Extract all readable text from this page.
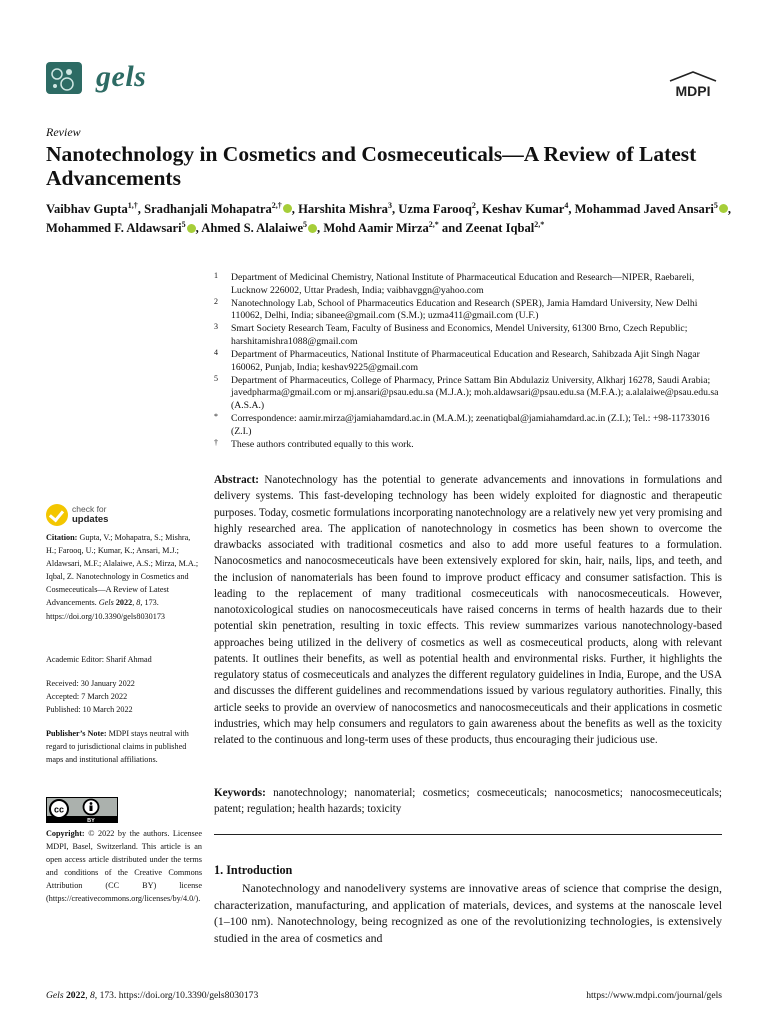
gels	MDPI
Review
Nanotechnology in Cosmetics and Cosmeceuticals—A Review of Latest Advancements
Vaibhav Gupta$^{1,\dagger}$, Sradhanjali Mohapatra$^{2,\dagger}$ , Harshita Mishra$^3$, Uzma Farooq$^2$, Keshav Kumar$^4$, Mohammad Javed Ansari$^5$ , Mohammed F. Aldawsari$^5$ , Ahmed S. Alalaiwe$^5$ , Mohd Aamir Mirza$^{2,*}$ and Zeenat Iqbal$^{2,*}$
1 Department of Medicinal Chemistry, National Institute of Pharmaceutical Education and Research—NIPER, Raebareli, Lucknow 226002, Uttar Pradesh, India; vaibhavggn@yahoo.com
2 Nanotechnology Lab, School of Pharmaceutics Education and Research (SPER), Jamia Hamdard University, New Delhi 110062, Delhi, India; sibanee@gmail.com (S.M.); uzma411@gmail.com (U.F.)
3 Smart Society Research Team, Faculty of Business and Economics, Mendel University, 61300 Brno, Czech Republic; harshitamishra1088@gmail.com
4 Department of Pharmaceutics, National Institute of Pharmaceutical Education and Research, Sahibzada Ajit Singh Nagar 160062, Punjab, India; keshav9225@gmail.com
5 Department of Pharmaceutics, College of Pharmacy, Prince Sattam Bin Abdulaziz University, Alkharj 16278, Saudi Arabia; javedpharma@gmail.com or mj.ansari@psau.edu.sa (M.J.A.); moh.aldawsari@psau.edu.sa (M.F.A.); a.alalaiwe@psau.edu.sa (A.S.A.)
* Correspondence: aamir.mirza@jamiahamdard.ac.in (M.A.M.); zeenatiqbal@jamiahamdard.ac.in (Z.I.); Tel.: +98-11733016 (Z.I.)
† These authors contributed equally to this work.
Abstract: Nanotechnology has the potential to generate advancements and innovations in formulations and delivery systems. This fast-developing technology has been widely exploited for diagnostic and therapeutic purposes. Today, cosmetic formulations incorporating nanotechnology are a relatively new yet very promising and highly researched area. The application of nanotechnology in cosmetics has been shown to overcome the drawbacks associated with traditional cosmetics and also to add more useful features to a formulation. Nanocosmetics and nanocosmeceuticals have been extensively explored for skin, hair, nails, lips, and teeth, and the inclusion of nanomaterials has been found to improve product efficacy and consumer satisfaction. This is leading to the replacement of many traditional cosmeceuticals with nanocosmeceuticals. However, nanotoxicological studies on nanocosmeceuticals have raised concerns in terms of health hazards due to their potential skin penetration, resulting in toxic effects. This review summarizes various nanotechnology-based approaches being utilized in the delivery of cosmetics as well as cosmeceutical products, along with relevant patents. It outlines their benefits, as well as potential health and environmental risks. Further, it highlights the regulatory status of cosmeceuticals and analyzes the different regulatory guidelines in India, Europe, and the USA and discusses the different guidelines and recommendations issued by various regulatory authorities. Finally, this article seeks to provide an overview of nanocosmetics and nanocosmeceuticals and their applications in cosmetic industries, which may help consumers and regulators to gain awareness about the benefits as well as the toxicity related to the continuous and long-term uses of these products, thus encouraging their judicious use.
Keywords: nanotechnology; nanomaterial; cosmetics; cosmeceuticals; nanocosmetics; nanocosmeceuticals; patent; regulation; health hazards; toxicity
1. Introduction
Nanotechnology and nanodelivery systems are innovative areas of science that comprise the design, characterization, manufacturing, and application of materials, devices, and systems at the nanoscale level (1–100 nm). Nanotechnology, being recognized as one of the revolutionizing technologies, is extensively studied in the area of cosmetics and
check for
updates
Citation: Gupta, V.; Mohapatra, S.; Mishra, H.; Farooq, U.; Kumar, K.; Ansari, M.J.; Aldawsari, M.F.; Alalaiwe, A.S.; Mirza, M.A.; Iqbal, Z. Nanotechnology in Cosmetics and Cosmeceuticals—A Review of Latest Advancements. Gels 2022, 8, 173. https://doi.org/10.3390/gels8030173
Academic Editor: Sharif Ahmad
Received: 30 January 2022
Accepted: 7 March 2022
Published: 10 March 2022
Publisher’s Note: MDPI stays neutral with regard to jurisdictional claims in published maps and institutional affiliations.
cc
BY
Copyright: © 2022 by the authors. Licensee MDPI, Basel, Switzerland. This article is an open access article distributed under the terms and conditions of the Creative Commons Attribution (CC BY) license (https://creativecommons.org/licenses/by/4.0/).
Gels 2022, 8, 173. https://doi.org/10.3390/gels8030173	https://www.mdpi.com/journal/gels
